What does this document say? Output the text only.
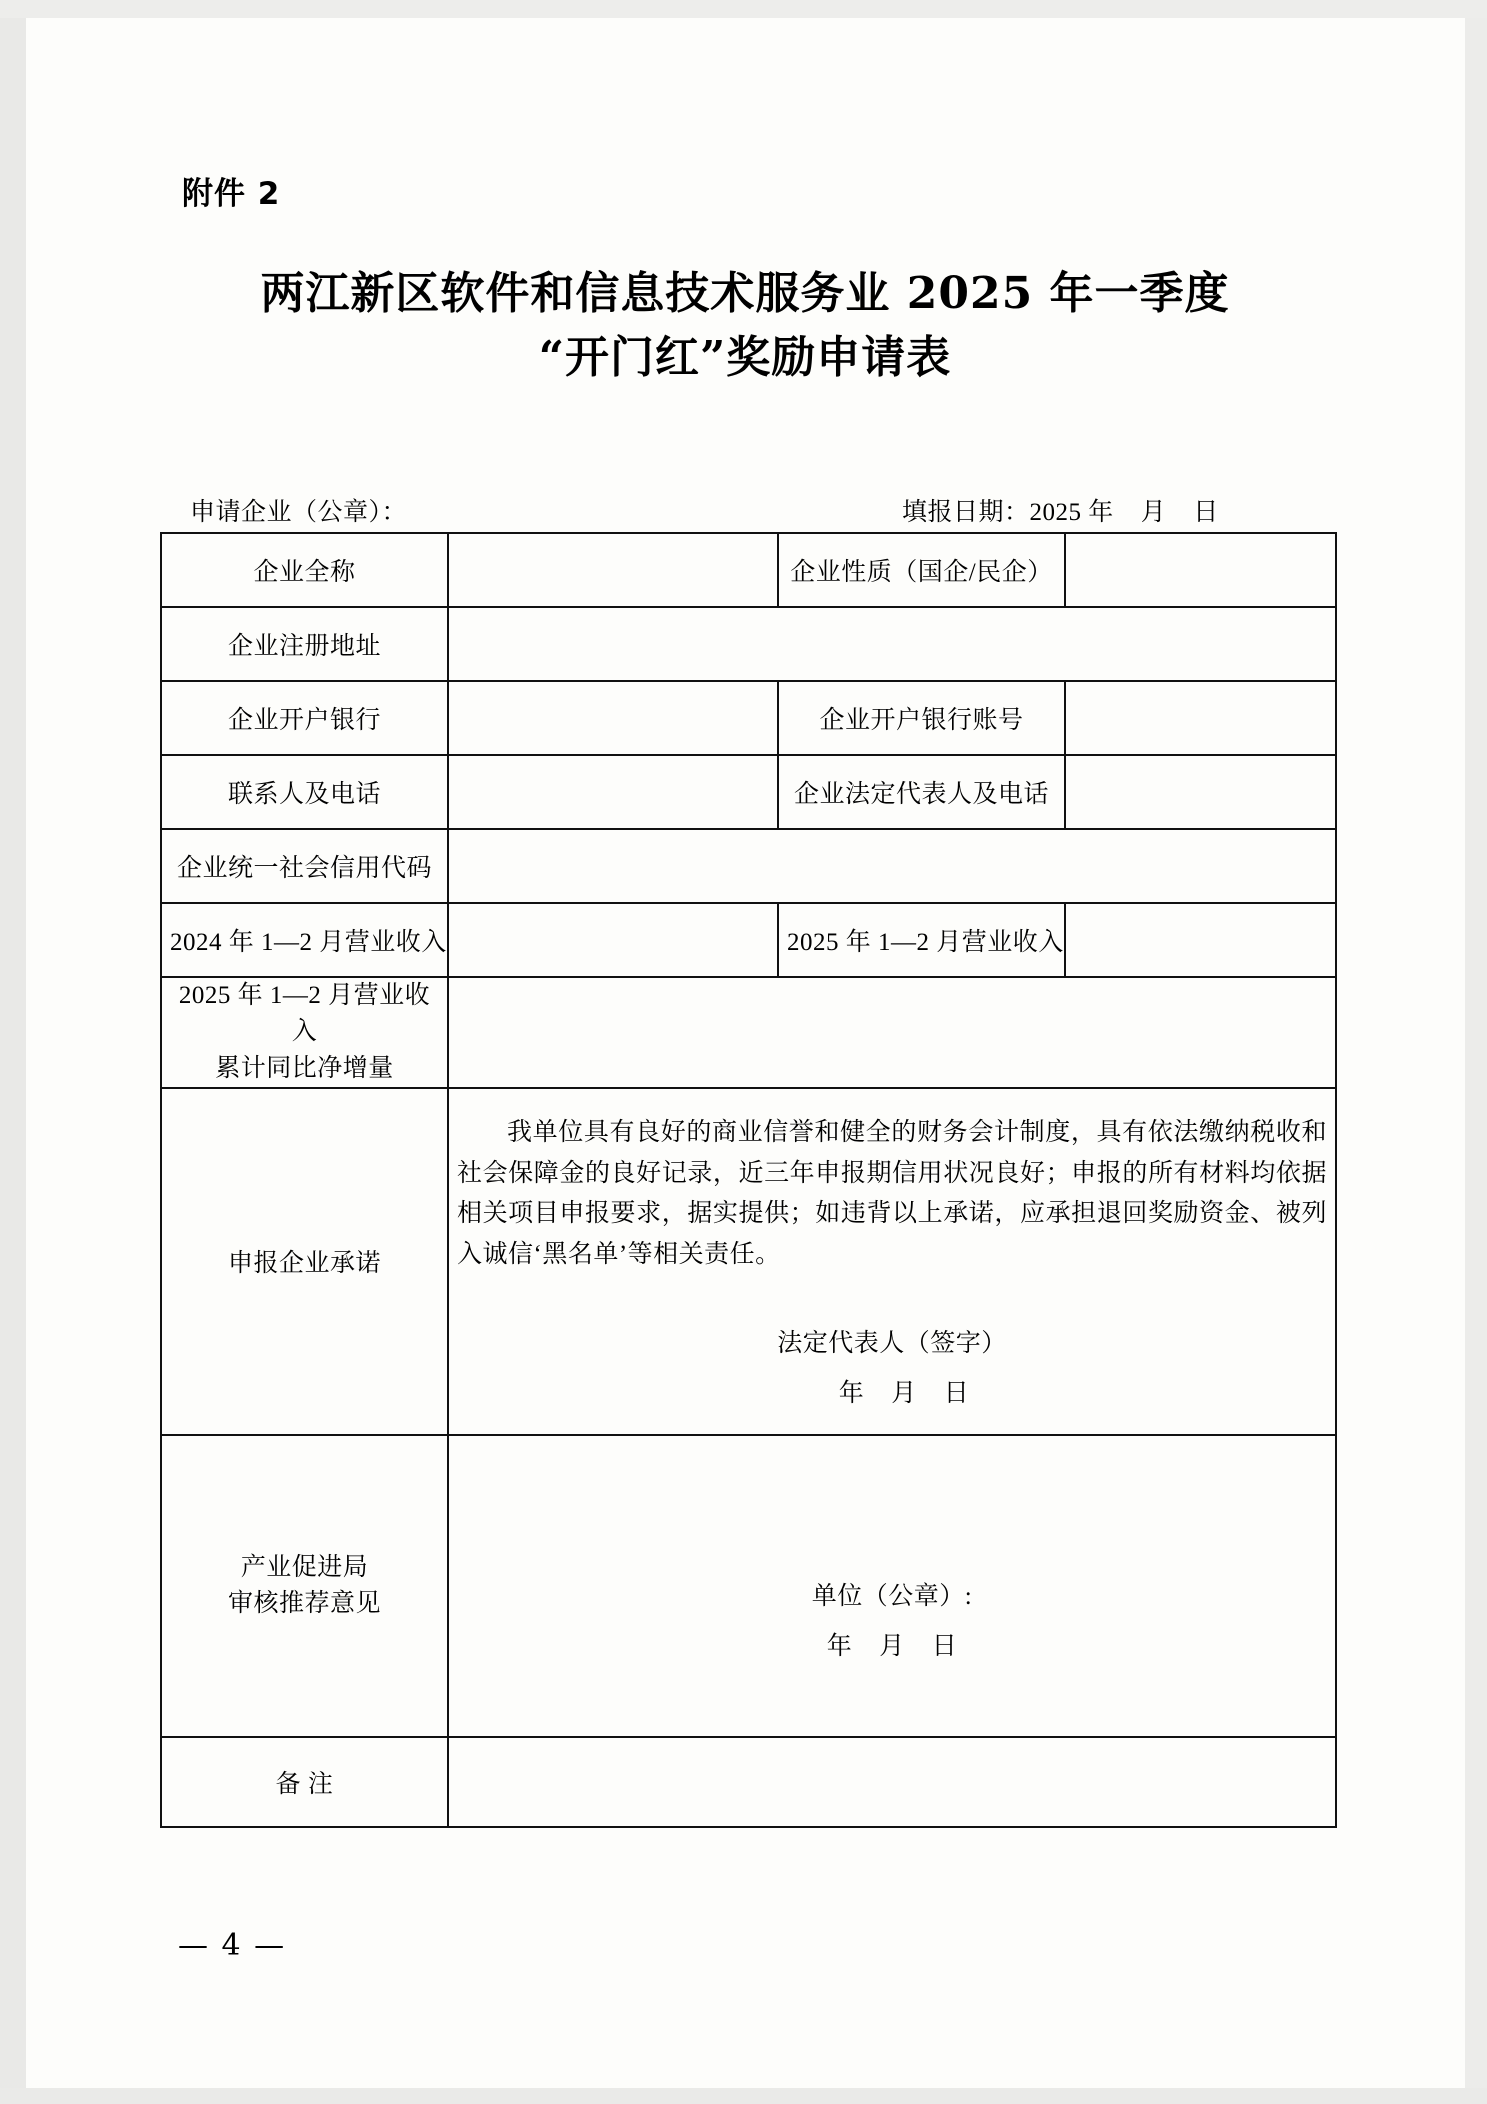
附件 2
两江新区软件和信息技术服务业 2025 年一季度
“开门红”奖励申请表
申请企业（公章）：	填报日期：2025 年    月    日
企业全称		企业性质（国企/民企）	
企业注册地址			
企业开户银行		企业开户银行账号	
联系人及电话		企业法定代表人及电话	
企业统一社会信用代码			
2024 年 1—2 月营业收入		2025 年 1—2 月营业收入	

2025 年 1—2 月营业收入
累计同比净增量			

申报企业承诺	我单位具有良好的商业信誉和健全的财务会计制度，具有依法缴纳税收和社会保障金的良好记录，近三年申报期信用状况良好；申报的所有材料均依据相关项目申报要求，据实提供；如违背以上承诺，应承担退回奖励资金、被列入诚信‘黑名单’等相关责任。
法定代表人（签字）
年    月    日		

产业促进局
审核推荐意见	单位（公章）:
年    月    日

备 注			
— 4 —
